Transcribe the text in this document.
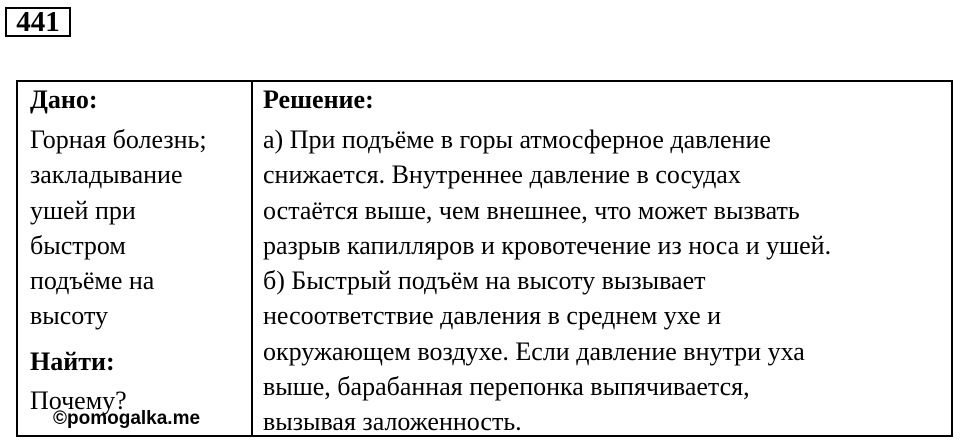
441
Дано:
Горная болезнь;
закладывание
ушей при
быстром
подъёме на
высоту
Найти:
Почему?
©pomogalka.me
Решение:
а) При подъёме в горы атмосферное давление
снижается. Внутреннее давление в сосудах
остаётся выше, чем внешнее, что может вызвать
разрыв капилляров и кровотечение из носа и ушей.
б) Быстрый подъём на высоту вызывает
несоответствие давления в среднем ухе и
окружающем воздухе. Если давление внутри уха
выше, барабанная перепонка выпячивается,
вызывая заложенность.
